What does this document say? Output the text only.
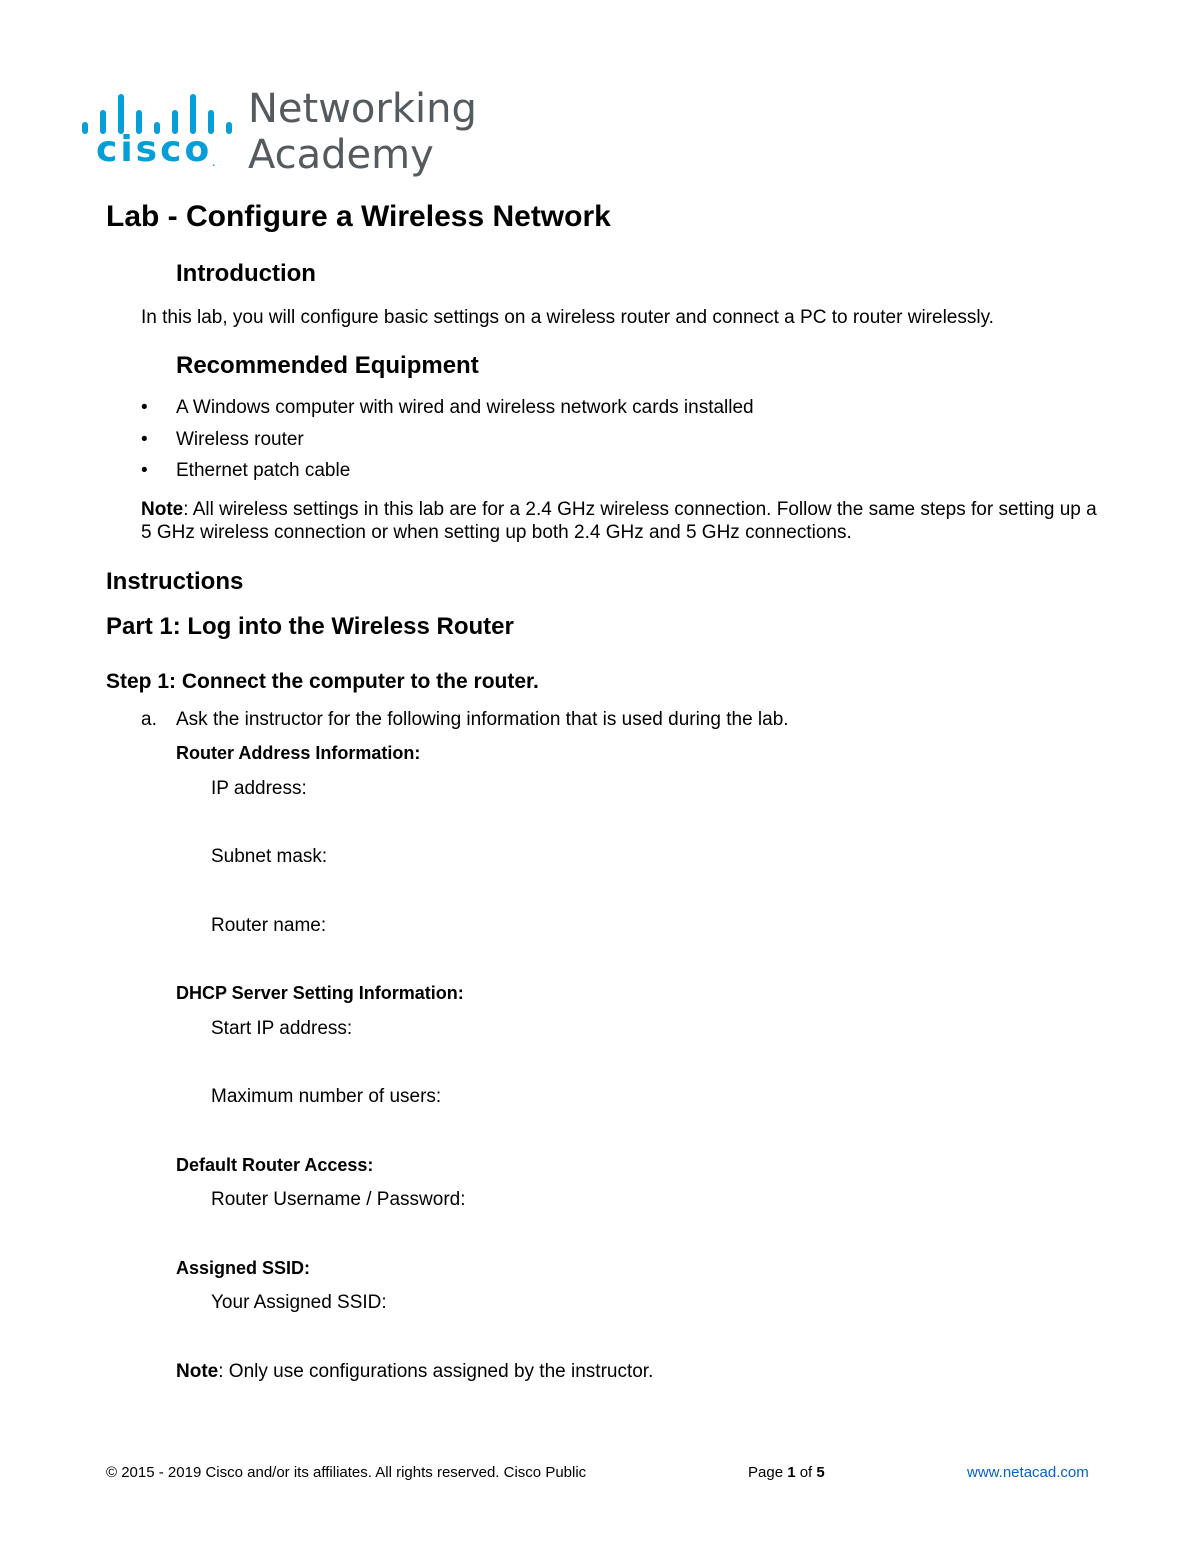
cisco.
Networking
Academy
Lab - Configure a Wireless Network
Introduction
In this lab, you will configure basic settings on a wireless router and connect a PC to router wirelessly.
Recommended Equipment
• A Windows computer with wired and wireless network cards installed
• Wireless router
• Ethernet patch cable
Note: All wireless settings in this lab are for a 2.4 GHz wireless connection. Follow the same steps for setting up a 5 GHz wireless connection or when setting up both 2.4 GHz and 5 GHz connections.
Instructions
Part 1: Log into the Wireless Router
Step 1: Connect the computer to the router.
a. Ask the instructor for the following information that is used during the lab.
Router Address Information:
IP address:
Subnet mask:
Router name:
DHCP Server Setting Information:
Start IP address:
Maximum number of users:
Default Router Access:
Router Username / Password:
Assigned SSID:
Your Assigned SSID:
Note: Only use configurations assigned by the instructor.
© 2015 - 2019 Cisco and/or its affiliates. All rights reserved. Cisco Public	Page 1 of 5	www.netacad.com
